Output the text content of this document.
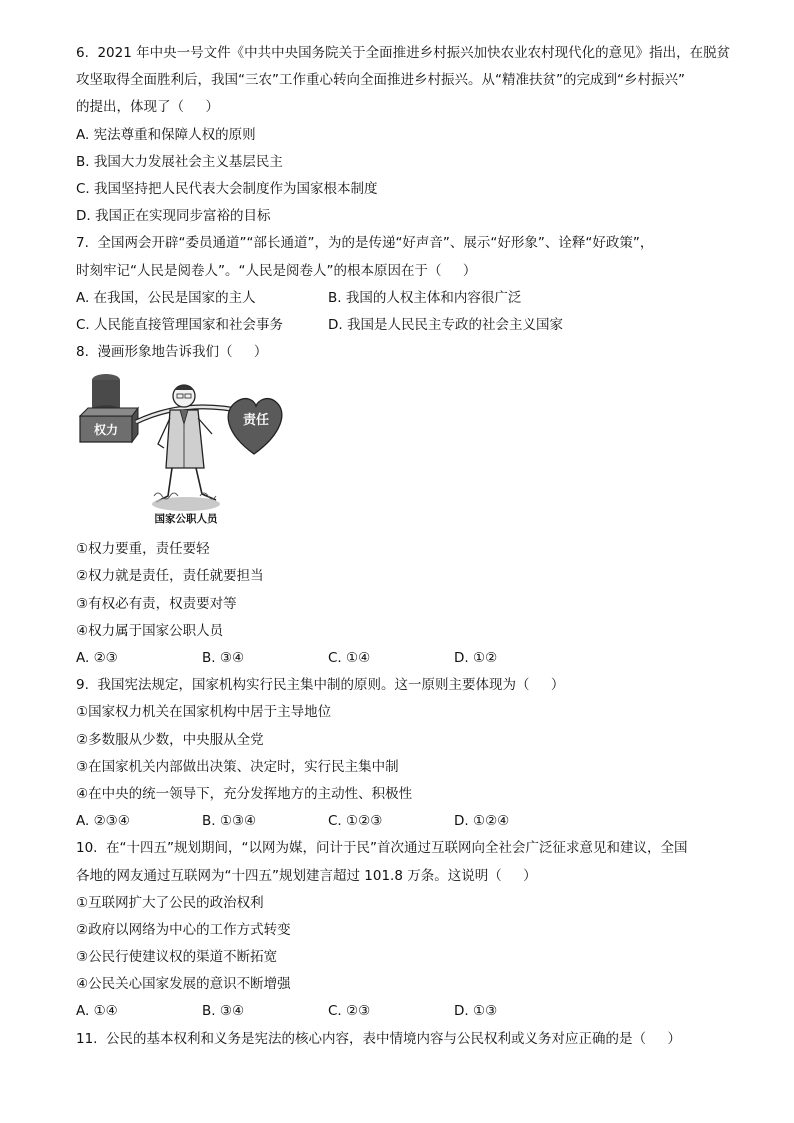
6.  2021 年中央一号文件《中共中央国务院关于全面推进乡村振兴加快农业农村现代化的意见》指出，在脱贫
攻坚取得全面胜利后，我国“三农”工作重心转向全面推进乡村振兴。从“精准扶贫”的完成到“乡村振兴”
的提出，体现了（     ）
A. 宪法尊重和保障人权的原则
B. 我国大力发展社会主义基层民主
C. 我国坚持把人民代表大会制度作为国家根本制度
D. 我国正在实现同步富裕的目标
7.  全国两会开辟“委员通道”“部长通道”，为的是传递“好声音”、展示“好形象”、诠释“好政策”，
时刻牢记“人民是阅卷人”。“人民是阅卷人”的根本原因在于（     ）
A. 在我国，公民是国家的主人	B. 我国的人权主体和内容很广泛
C. 人民能直接管理国家和社会事务	D. 我国是人民民主专政的社会主义国家
8.  漫画形象地告诉我们（     ）
权力
责任
国家公职人员
①权力要重，责任要轻
②权力就是责任，责任就要担当
③有权必有责，权责要对等
④权力属于国家公职人员
A. ②③	B. ③④	C. ①④	D. ①②
9.  我国宪法规定，国家机构实行民主集中制的原则。这一原则主要体现为（     ）
①国家权力机关在国家机构中居于主导地位
②多数服从少数，中央服从全党
③在国家机关内部做出决策、决定时，实行民主集中制
④在中央的统一领导下，充分发挥地方的主动性、积极性
A. ②③④	B. ①③④	C. ①②③	D. ①②④
10.  在“十四五”规划期间，“以网为媒，问计于民”首次通过互联网向全社会广泛征求意见和建议，全国
各地的网友通过互联网为“十四五”规划建言超过 101.8 万条。这说明（     ）
①互联网扩大了公民的政治权利
②政府以网络为中心的工作方式转变
③公民行使建议权的渠道不断拓宽
④公民关心国家发展的意识不断增强
A. ①④	B. ③④	C. ②③	D. ①③
11.  公民的基本权利和义务是宪法的核心内容，表中情境内容与公民权利或义务对应正确的是（     ）
